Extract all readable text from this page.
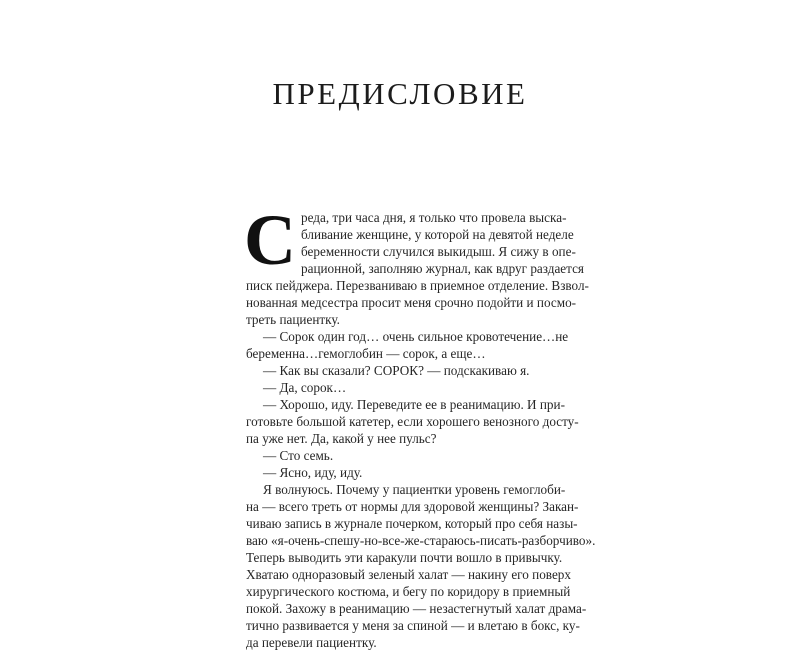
ПРЕДИСЛОВИЕ
С реда, три часа дня, я только что провела выска-
бливание женщине, у которой на девятой неделе
беременности случился выкидыш. Я сижу в опе-
рационной, заполняю журнал, как вдруг раздается
писк пейджера. Перезваниваю в приемное отделение. Взвол-
нованная медсестра просит меня срочно подойти и посмо-
треть пациентку.
— Сорок один год… очень сильное кровотечение…не
беременна…гемоглобин — сорок, а еще…
— Как вы сказали? СОРОК? — подскакиваю я.
— Да, сорок…
— Хорошо, иду. Переведите ее в реанимацию. И при-
готовьте большой катетер, если хорошего венозного досту-
па уже нет. Да, какой у нее пульс?
— Сто семь.
— Ясно, иду, иду.
Я волнуюсь. Почему у пациентки уровень гемоглоби-
на — всего треть от нормы для здоровой женщины? Закан-
чиваю запись в журнале почерком, который про себя назы-
ваю «я-очень-спешу-но-все-же-стараюсь-писать-разборчиво».
Теперь выводить эти каракули почти вошло в привычку.
Хватаю одноразовый зеленый халат — накину его поверх
хирургического костюма, и бегу по коридору в приемный
покой. Захожу в реанимацию — незастегнутый халат драма-
тично развивается у меня за спиной — и влетаю в бокс, ку-
да перевели пациентку.
